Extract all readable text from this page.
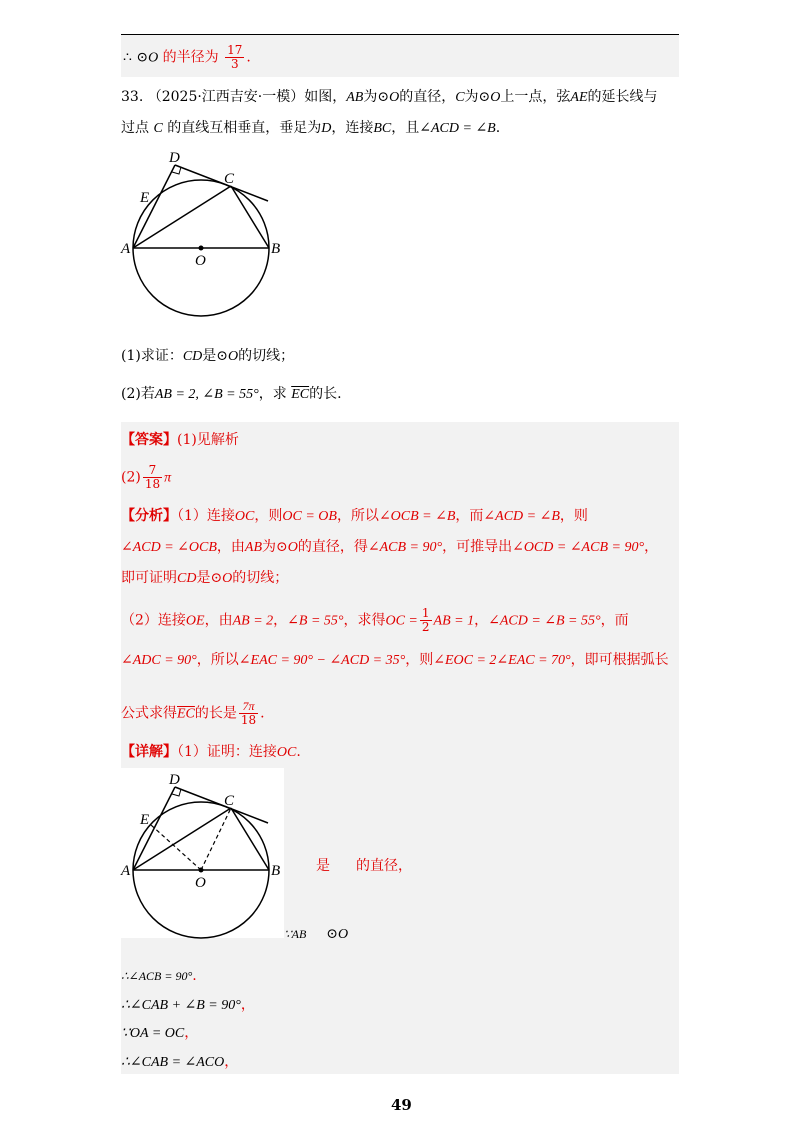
∴ ⊙O 的半径为 $\frac{17}{3}$ .
33. （2025·江西吉安·一模）如图，AB为⊙O的直径，C为⊙O上一点，弦AE的延长线与
过点 C 的直线互相垂直，垂足为D，连接BC，且∠ACD = ∠B.
D
E
C
A
O
B
(1)求证：CD是⊙O的切线；
(2)若AB = 2, ∠B = 55°，求 $\overline{EC}$的长.
【答案】(1)见解析
$(2) \frac{7}{18}$ π
【分析】（1）连接OC，则OC = OB，所以∠OCB = ∠B，而∠ACD = ∠B，则
∠ACD = ∠OCB，由AB为⊙O的直径，得∠ACB = 90°，可推导出∠OCD = ∠ACB = 90°，
即可证明CD是⊙O的切线；
（2）连接OE，由AB = 2，∠B = 55°，求得OC = $\frac{1}{2}$ AB = 1，∠ACD = ∠B = 55°，而
∠ADC = 90°，所以∠EAC = 90° − ∠ACD = 35°，则∠EOC = 2∠EAC = 70°，即可根据弧长
公式求得$\overline{EC}$的长是 $\frac{7\pi}{18}$ .
【详解】（1）证明：连接OC.
D
E
C
A
O
B	是 的直径，
∵AB ⊙O
∴∠ACB = 90°.
∴∠CAB + ∠B = 90°，
∵OA = OC，
∴∠CAB = ∠ACO，
49
